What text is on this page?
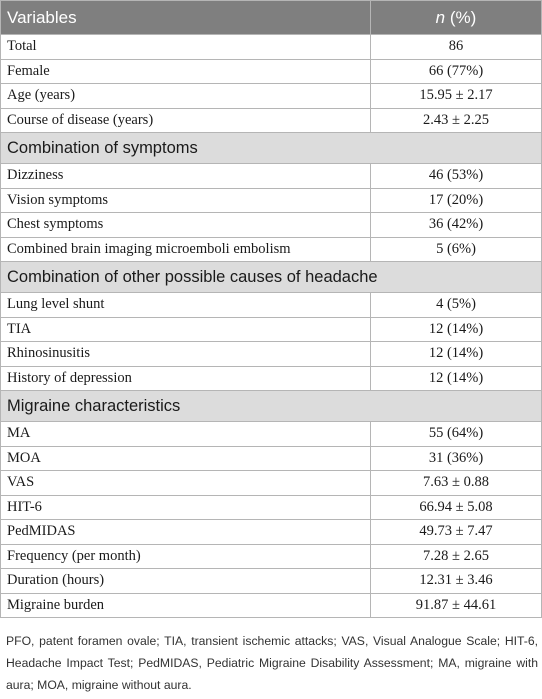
Variables	n (%)
Total	86
Female	66 (77%)
Age (years)	15.95 ± 2.17
Course of disease (years)	2.43 ± 2.25
Combination of symptoms	
Dizziness	46 (53%)
Vision symptoms	17 (20%)
Chest symptoms	36 (42%)
Combined brain imaging microemboli embolism	5 (6%)
Combination of other possible causes of headache	
Lung level shunt	4 (5%)
TIA	12 (14%)
Rhinosinusitis	12 (14%)
History of depression	12 (14%)
Migraine characteristics	
MA	55 (64%)
MOA	31 (36%)
VAS	7.63 ± 0.88
HIT-6	66.94 ± 5.08
PedMIDAS	49.73 ± 7.47
Frequency (per month)	7.28 ± 2.65
Duration (hours)	12.31 ± 3.46
Migraine burden	91.87 ± 44.61
PFO, patent foramen ovale; TIA, transient ischemic attacks; VAS, Visual Analogue Scale; HIT-6, Headache Impact Test; PedMIDAS, Pediatric Migraine Disability Assessment; MA, migraine with aura; MOA, migraine without aura.
